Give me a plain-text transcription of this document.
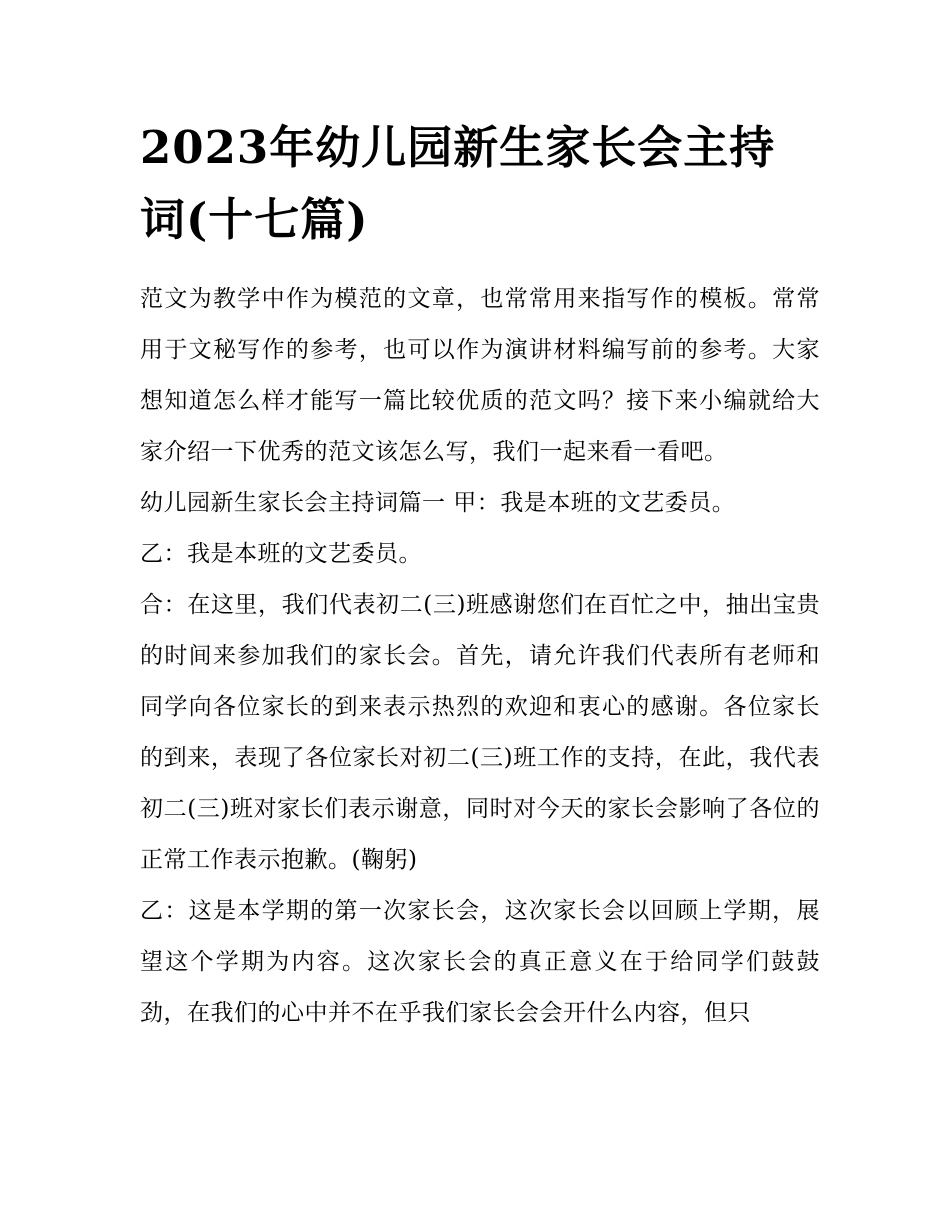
2023年幼儿园新生家长会主持词(十七篇)

范文为教学中作为模范的文章，也常常用来指写作的模板。常常用于文秘写作的参考，也可以作为演讲材料编写前的参考。大家想知道怎么样才能写一篇比较优质的范文吗？接下来小编就给大家介绍一下优秀的范文该怎么写，我们一起来看一看吧。

幼儿园新生家长会主持词篇一 甲：我是本班的文艺委员。

乙：我是本班的文艺委员。

合：在这里，我们代表初二(三)班感谢您们在百忙之中，抽出宝贵的时间来参加我们的家长会。首先，请允许我们代表所有老师和同学向各位家长的到来表示热烈的欢迎和衷心的感谢。各位家长的到来，表现了各位家长对初二(三)班工作的支持，在此，我代表初二(三)班对家长们表示谢意，同时对今天的家长会影响了各位的正常工作表示抱歉。(鞠躬)

乙：这是本学期的第一次家长会，这次家长会以回顾上学期，展望这个学期为内容。这次家长会的真正意义在于给同学们鼓鼓劲，在我们的心中并不在乎我们家长会会开什么内容，但只
